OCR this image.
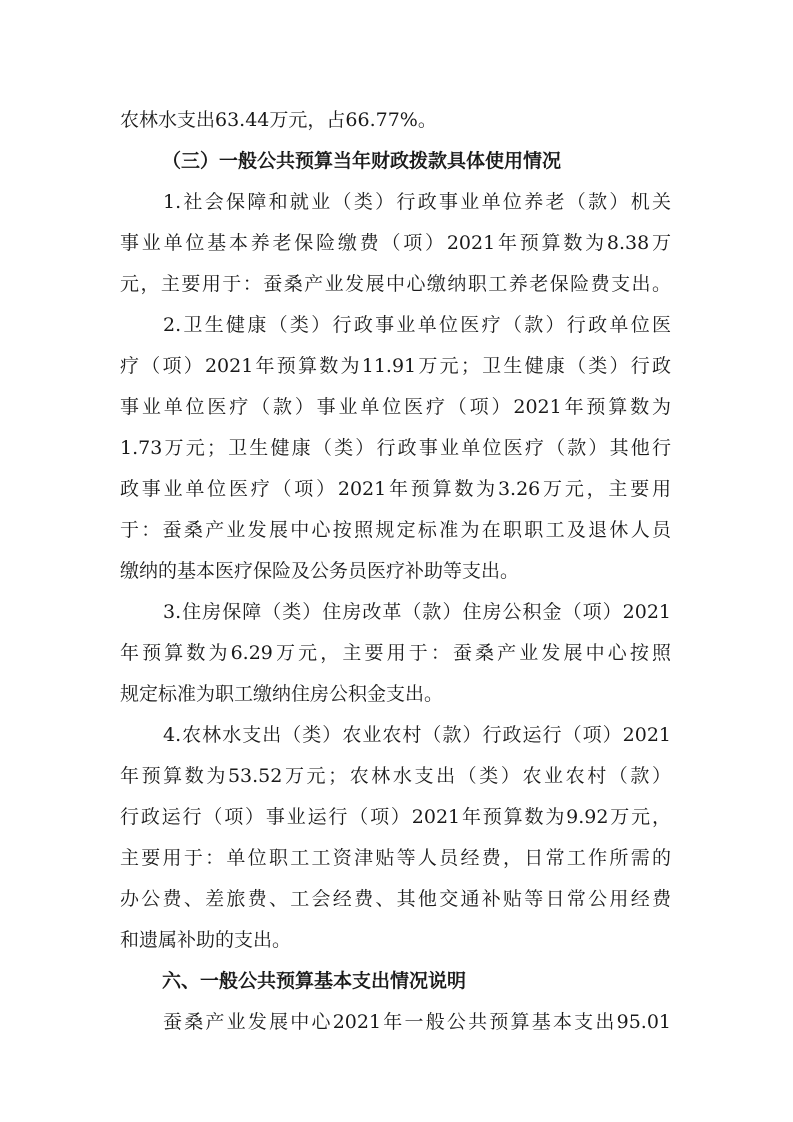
农林水支出63.44万元，占66.77%。
（三）一般公共预算当年财政拨款具体使用情况
1.社会保障和就业（类）行政事业单位养老（款）机关
事业单位基本养老保险缴费（项）2021年预算数为8.38万
元，主要用于：蚕桑产业发展中心缴纳职工养老保险费支出。
2.卫生健康（类）行政事业单位医疗（款）行政单位医
疗（项）2021年预算数为11.91万元；卫生健康（类）行政
事业单位医疗（款）事业单位医疗（项）2021年预算数为
1.73万元；卫生健康（类）行政事业单位医疗（款）其他行
政事业单位医疗（项）2021年预算数为3.26万元，主要用
于：蚕桑产业发展中心按照规定标准为在职职工及退休人员
缴纳的基本医疗保险及公务员医疗补助等支出。
3.住房保障（类）住房改革（款）住房公积金（项）2021
年预算数为6.29万元，主要用于：蚕桑产业发展中心按照
规定标准为职工缴纳住房公积金支出。
4.农林水支出（类）农业农村（款）行政运行（项）2021
年预算数为53.52万元；农林水支出（类）农业农村（款）
行政运行（项）事业运行（项）2021年预算数为9.92万元，
主要用于：单位职工工资津贴等人员经费，日常工作所需的
办公费、差旅费、工会经费、其他交通补贴等日常公用经费
和遗属补助的支出。
六、一般公共预算基本支出情况说明
蚕桑产业发展中心2021年一般公共预算基本支出95.01
